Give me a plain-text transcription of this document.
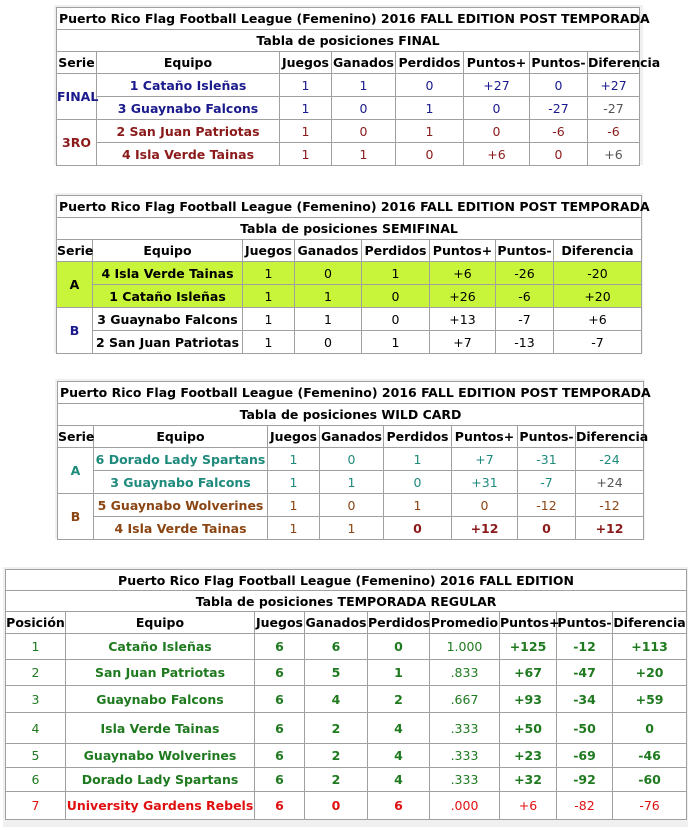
Puerto Rico Flag Football League (Femenino) 2016 FALL EDITION POST TEMPORADA							
Tabla de posiciones FINAL							
Serie	Equipo	Juegos	Ganados	Perdidos	Puntos+	Puntos-	Diferencia
FINAL	1 Cataño Isleñas	1	1	0	+27	0	+27
	3 Guaynabo Falcons	1	0	1	0	-27	-27
3RO	2 San Juan Patriotas	1	0	1	0	-6	-6
	4 Isla Verde Tainas	1	1	0	+6	0	+6
Puerto Rico Flag Football League (Femenino) 2016 FALL EDITION POST TEMPORADA							
Tabla de posiciones SEMIFINAL							
Serie	Equipo	Juegos	Ganados	Perdidos	Puntos+	Puntos-	Diferencia
A	4 Isla Verde Tainas	1	0	1	+6	-26	-20
	1 Cataño Isleñas	1	1	0	+26	-6	+20
B	3 Guaynabo Falcons	1	1	0	+13	-7	+6
	2 San Juan Patriotas	1	0	1	+7	-13	-7
Puerto Rico Flag Football League (Femenino) 2016 FALL EDITION POST TEMPORADA							
Tabla de posiciones WILD CARD							
Serie	Equipo	Juegos	Ganados	Perdidos	Puntos+	Puntos-	Diferencia
A	6 Dorado Lady Spartans	1	0	1	+7	-31	-24
	3 Guaynabo Falcons	1	1	0	+31	-7	+24
B	5 Guaynabo Wolverines	1	0	1	0	-12	-12
	4 Isla Verde Tainas	1	1	0	+12	0	+12
Puerto Rico Flag Football League (Femenino) 2016 FALL EDITION								
Tabla de posiciones TEMPORADA REGULAR								
Posición	Equipo	Juegos	Ganados	Perdidos	Promedio	Puntos+	Puntos-	Diferencia
1	Cataño Isleñas	6	6	0	1.000	+125	-12	+113
2	San Juan Patriotas	6	5	1	.833	+67	-47	+20
3	Guaynabo Falcons	6	4	2	.667	+93	-34	+59
4	Isla Verde Tainas	6	2	4	.333	+50	-50	0
5	Guaynabo Wolverines	6	2	4	.333	+23	-69	-46
6	Dorado Lady Spartans	6	2	4	.333	+32	-92	-60
7	University Gardens Rebels	6	0	6	.000	+6	-82	-76
